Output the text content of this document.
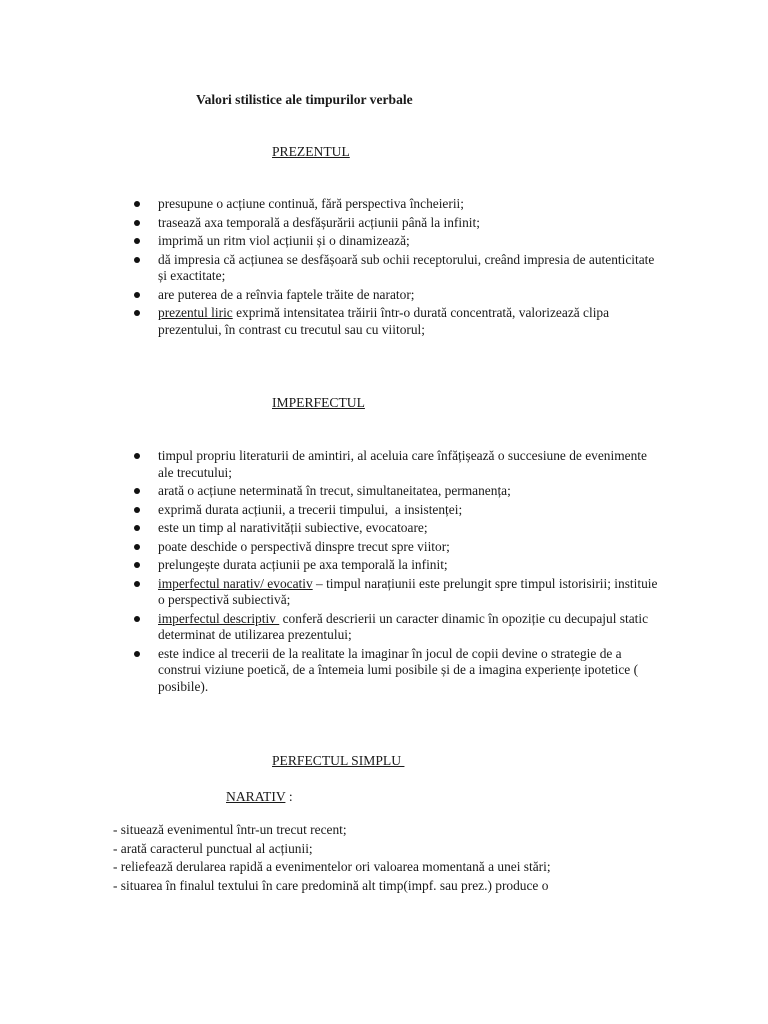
Valori stilistice ale timpurilor verbale
PREZENTUL
presupune o acțiune continuă, fără perspectiva încheierii;
trasează axa temporală a desfășurării acțiunii până la infinit;
imprimă un ritm viol acțiunii și o dinamizează;
dă impresia că acțiunea se desfășoară sub ochii receptorului, creând impresia de autenticitate și exactitate;
are puterea de a reînvia faptele trăite de narator;
prezentul liric exprimă intensitatea trăirii într-o durată concentrată, valorizează clipa prezentului, în contrast cu trecutul sau cu viitorul;
IMPERFECTUL
timpul propriu literaturii de amintiri, al aceluia care înfățișează o succesiune de evenimente ale trecutului;
arată o acțiune neterminată în trecut, simultaneitatea, permanența;
exprimă durata acțiunii, a trecerii timpului,  a insistenței;
este un timp al narativității subiective, evocatoare;
poate deschide o perspectivă dinspre trecut spre viitor;
prelungește durata acțiunii pe axa temporală la infinit;
imperfectul narativ/ evocativ – timpul narațiunii este prelungit spre timpul istorisirii; instituie o perspectivă subiectivă;
imperfectul descriptiv  conferă descrierii un caracter dinamic în opoziție cu decupajul static determinat de utilizarea prezentului;
este indice al trecerii de la realitate la imaginar în jocul de copii devine o strategie de a construi viziune poetică, de a întemeia lumi posibile și de a imagina experiențe ipotetice ( posibile).
PERFECTUL SIMPLU
NARATIV :
- situează evenimentul într-un trecut recent;
- arată caracterul punctual al acțiunii;
- reliefează derularea rapidă a evenimentelor ori valoarea momentană a unei stări;
- situarea în finalul textului în care predomină alt timp(impf. sau prez.) produce o
